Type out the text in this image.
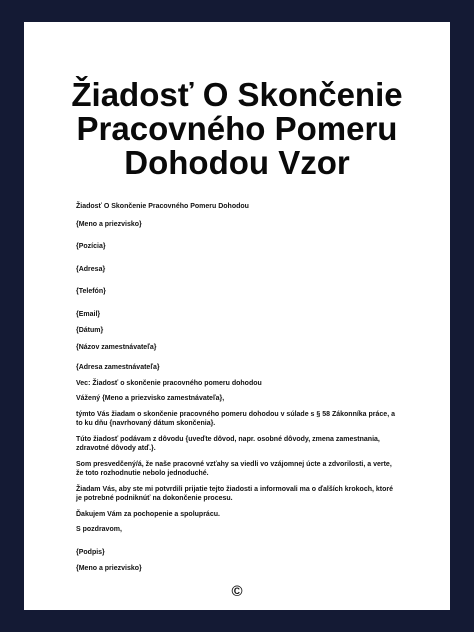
Žiadosť O Skončenie
Pracovného Pomeru
Dohodou Vzor

Žiadosť O Skončenie Pracovného Pomeru Dohodou

{Meno a priezvisko}

{Pozícia}

{Adresa}

{Telefón}

{Email}

{Dátum}

{Názov zamestnávateľa}

{Adresa zamestnávateľa}

Vec: Žiadosť o skončenie pracovného pomeru dohodou

Vážený {Meno a priezvisko zamestnávateľa},

týmto Vás žiadam o skončenie pracovného pomeru dohodou v súlade s § 58 Zákonníka práce, a to ku dňu {navrhovaný dátum skončenia}.

Túto žiadosť podávam z dôvodu {uveďte dôvod, napr. osobné dôvody, zmena zamestnania, zdravotné dôvody atď.}.

Som presvedčený/á, že naše pracovné vzťahy sa viedli vo vzájomnej úcte a zdvorilosti, a verte, že toto rozhodnutie nebolo jednoduché.

Žiadam Vás, aby ste mi potvrdili prijatie tejto žiadosti a informovali ma o ďalších krokoch, ktoré je potrebné podniknúť na dokončenie procesu.

Ďakujem Vám za pochopenie a spoluprácu.

S pozdravom,

{Podpis}

{Meno a priezvisko}

©
